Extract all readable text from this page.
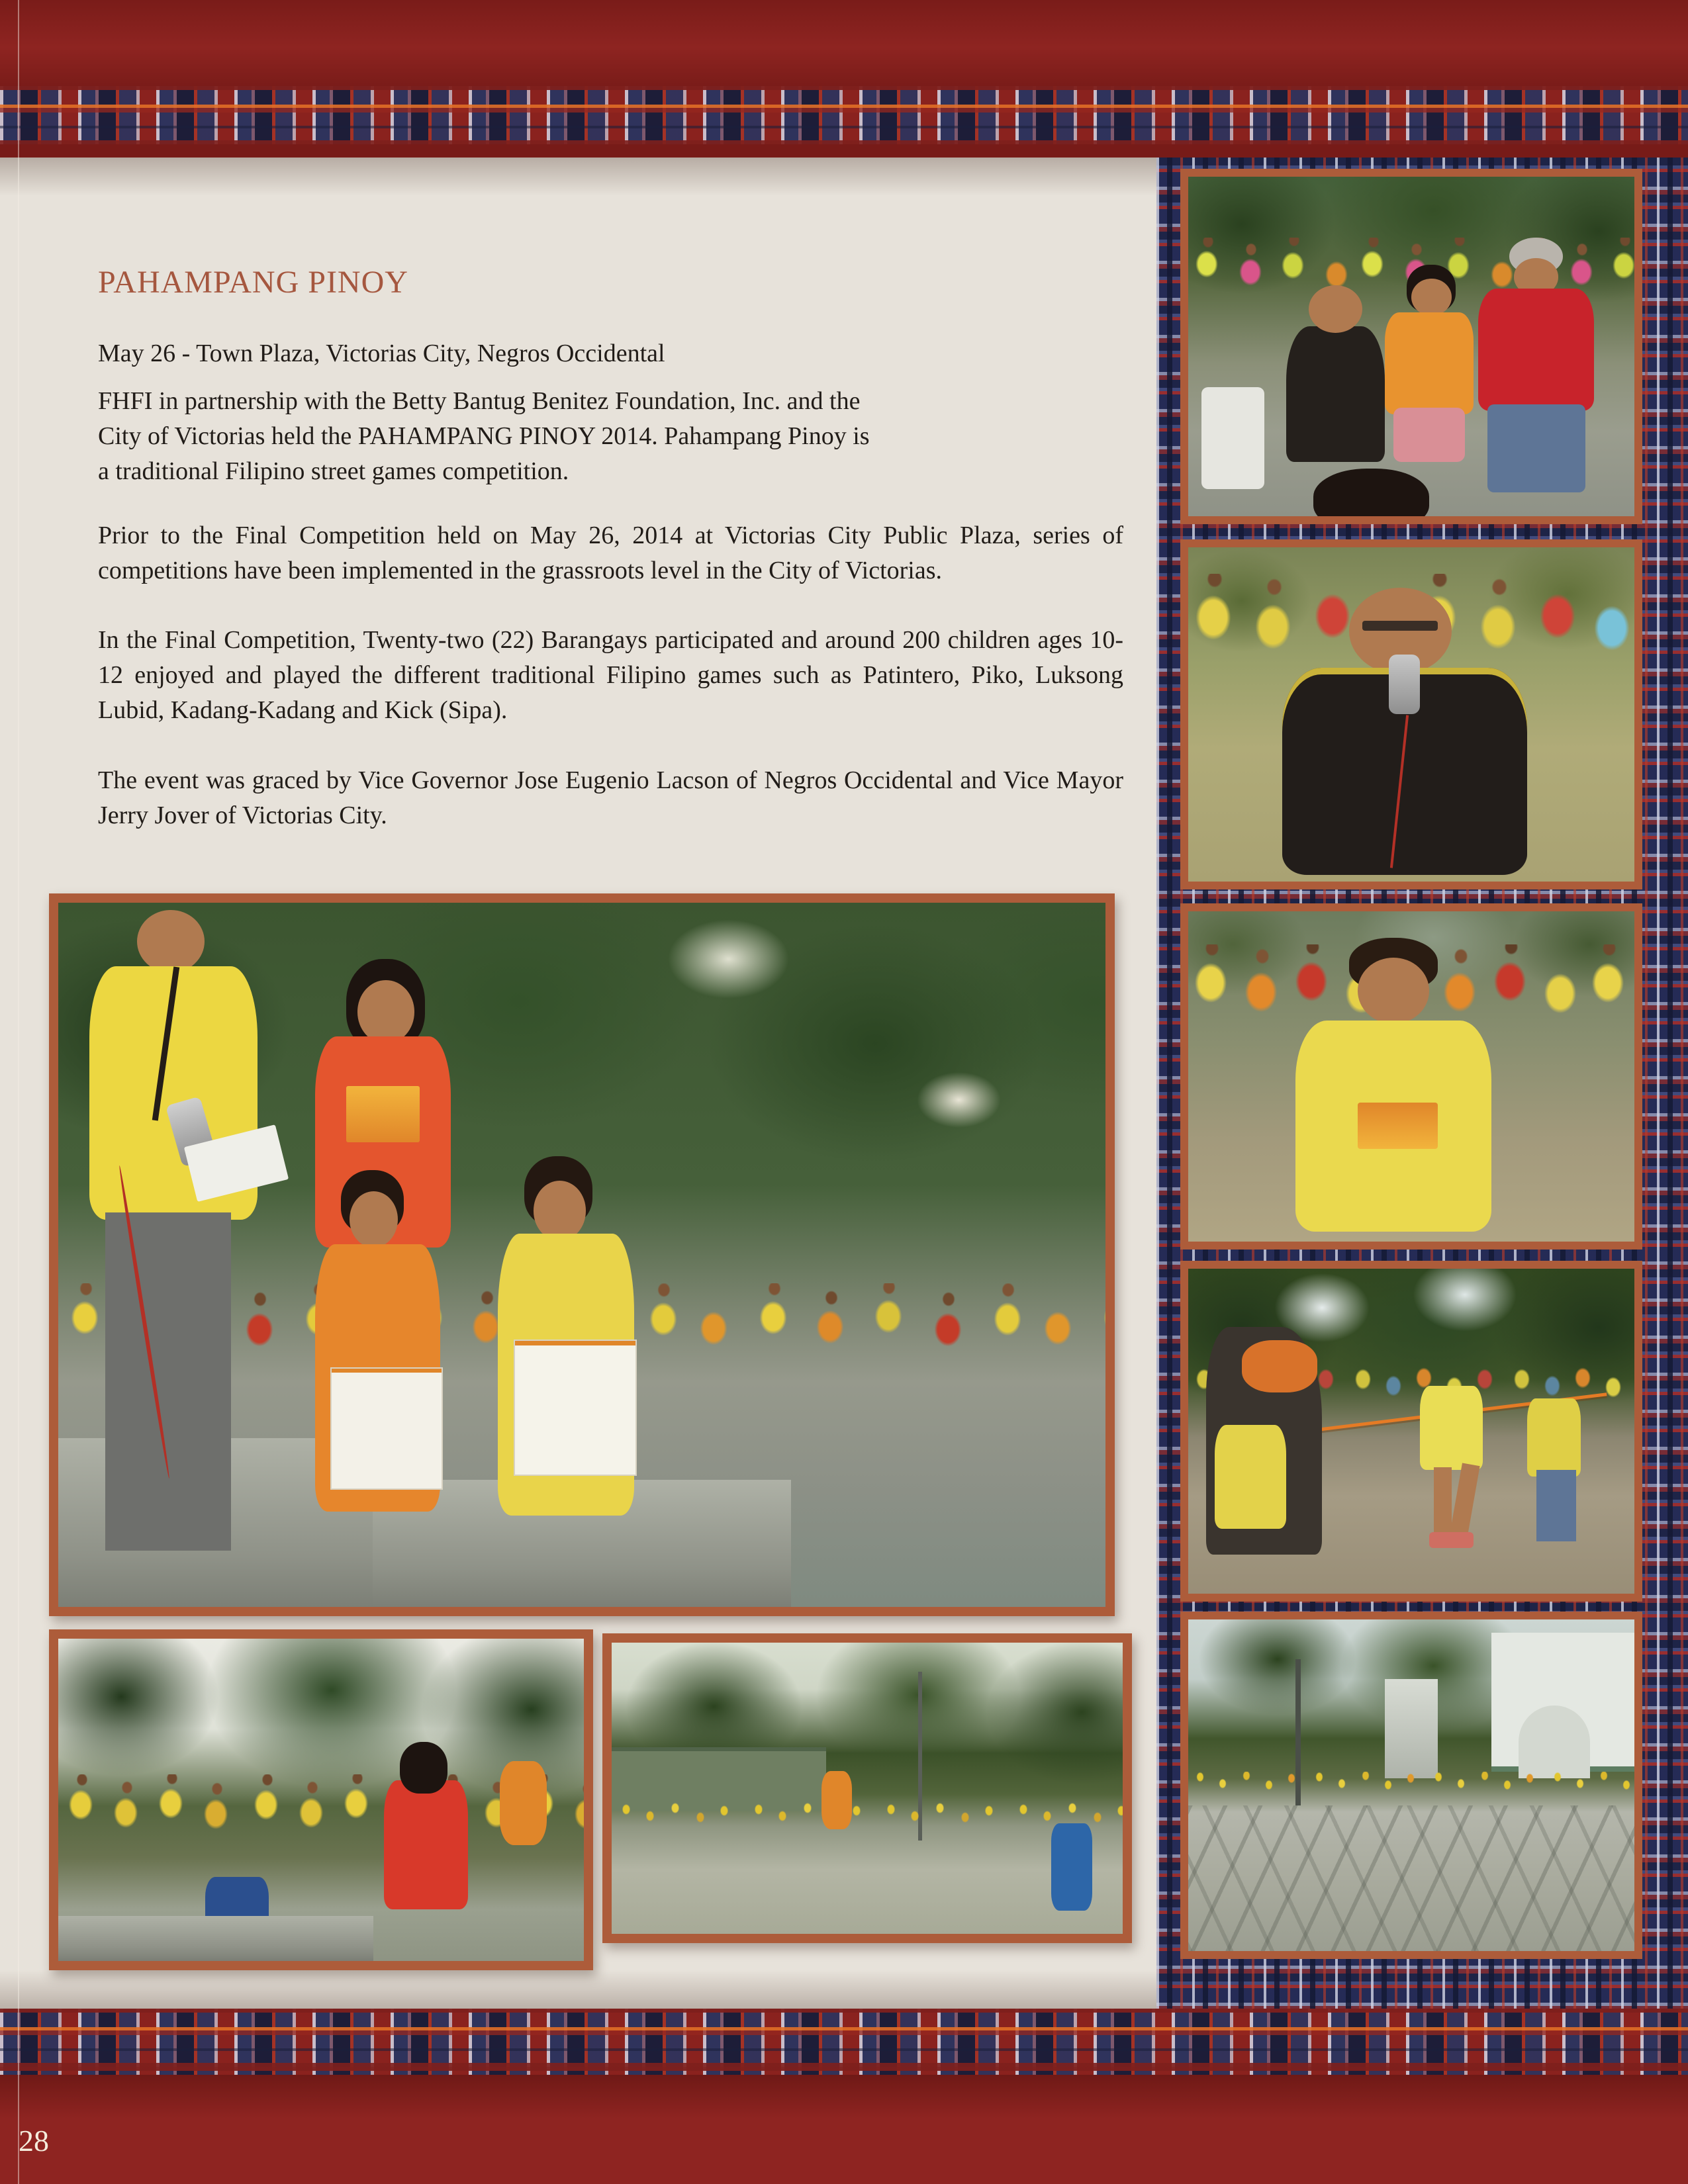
PAHAMPANG PINOY
May 26 - Town Plaza, Victorias City, Negros Occidental
FHFI in partnership with the Betty Bantug Benitez Foundation, Inc. and the
City of Victorias held the PAHAMPANG PINOY 2014. Pahampang Pinoy is
a traditional Filipino street games competition.
Prior to the Final Competition held on May 26, 2014 at Victorias City Public Plaza, series of competitions have been implemented in the grassroots level in the City of Victorias.
In the Final Competition, Twenty-two (22) Barangays participated and around 200 children ages 10-12 enjoyed and played the different traditional Filipino games such as Patintero, Piko, Luksong Lubid, Kadang-Kadang and Kick (Sipa).
The event was graced by Vice Governor Jose Eugenio Lacson of Negros Occidental and Vice Mayor Jerry Jover of Victorias City.
28
